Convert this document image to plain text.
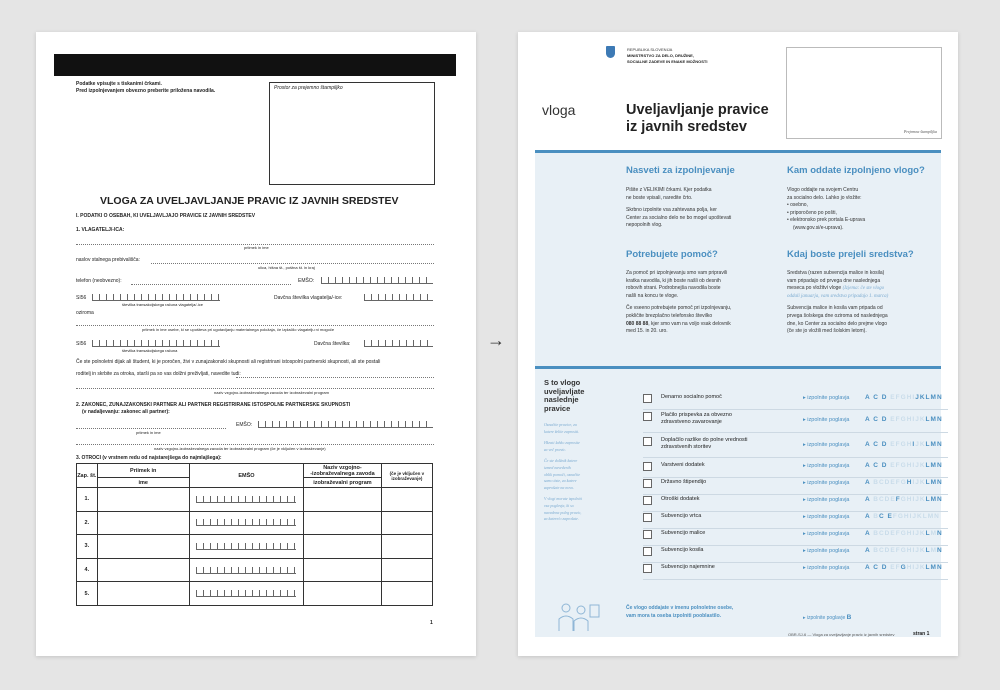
Podatke vpisujte s tiskanimi črkami.
Pred izpolnjevanjem obvezno preberite priložena navodila.	Prostor za prejemno štampiljko
VLOGA ZA UVELJAVLJANJE PRAVIC IZ JAVNIH SREDSTEV
I. PODATKI O OSEBAH, KI UVELJAVLJAJO PRAVICE IZ JAVNIH SREDSTEV
1. VLAGATELJ/-ICA:
priimek in ime
naslov stalnega prebivališča:
ulica, hišna št., poštna št. in kraj
telefon (neobvezno):	EMŠO:
SI56
številka transakcijskega računa vlagatelja/-ice
Davčna številka vlagatelja/-ice:
oziroma
priimek in ime osebe, ki se upošteva pri ugotavljanju materialnega položaja, če izplačilo vlagatelju ni mogoče
SI56
številka transakcijskega računa
Davčna številka:
Če ste polnoletni dijak ali študent, ki je poročen, živi v zunajzakonski skupnosti ali registrirani istospolni partnerski skupnosti, ali ste postali
roditelj in skrbite za otroka, starši pa so vas dolžni preživljati, navedite tudi:
naziv vzgojno-izobraževalnega zavoda ter izobraževalni program
2. ZAKONEC, ZUNAJZAKONSKI PARTNER ALI PARTNER REGISTRIRANE ISTOSPOLNE PARTNERSKE SKUPNOSTI
(v nadaljevanju: zakonec ali partner):
EMŠO:
priimek in ime
naziv vzgojno-izobraževalnega zavoda ter izobraževalni program (če je vključen v izobraževanje)
3. OTROCI (v vrstnem redu od najstarejšega do najmlajšega):
Zap. št.	Priimek in	EMŠO	Naziv vzgojno-
-izobraževalnega zavoda	(če je vključen v izobraževanje)
	ime		izobraževalni program	
1.		

2.		

3.		

4.		

5.		

1
→
REPUBLIKA SLOVENIJA
MINISTRSTVO ZA DELO, DRUŽINE,
SOCIALNE ZADEVE IN ENAKE MOŽNOSTI
vloga	Uveljavljanje pravice
iz javnih sredstev	Prejemna štampiljka
Nasveti za izpolnjevanje
Pišite z VELIKIMI črkami. Kjer podatka
ne boste vpisali, naredite črto.
Skrbno izpolnite vsa zahtevana polja, ker
Center za socialno delo ne bo mogel upoštevati
nepopolnih vlog.
Potrebujete pomoč?
Za pomoč pri izpolnjevanju smo vam pripravili
kratka navodila, ki jih boste našli ob desnih
robovih strani. Podrobnejša navodila boste
našli na koncu te vloge.
Če vseeno potrebujete pomoč pri izpolnjevanju,
pokličite brezplačno telefonsko številko
080 88 88, kjer smo vam na voljo vsak delovnik
med 15. in 20. uro.
Kam oddate izpolnjeno vlogo?
Vlogo oddajte na svojem Centru
za socialno delo. Lahko jo vložite:
• osebno,
• priporočeno po pošti,
• elektronsko prek portala E-uprava
(www.gov.si/e-uprava).
Kdaj boste prejeli sredstva?
Sredstva (razen subvencija malice in kosila)
vam pripadajo od prvega dne naslednjega
meseca po vložitvi vloge (Izjema: če ste vlogo
oddali januarja, vam sredstva pripadajo 1. marca)
Subvencija malice in kosila vam pripada od
prvega šolskega dne oziroma od naslednjega
dne, ko Center za socialno delo prejme vlogo
(če ste jo vložili med šolskim letom).
S to vlogo
uveljavljate
naslednje
pravice
Označite pravice, za
katere želite zaprositi.
Hkrati lahko zaprosite
za več pravic.
Če ste dolžnik katere
izmed navedenih
oblik pomoči, označite
samo tiste, za katere
zaprošate na novo.
V vlogi morate izpolniti
vsa poglavja, ki so
navedena poleg pravic,
za katere/o zaprošate.
Denarno socialno pomoč	▸ izpolnite poglavja A C D EFGHIJKLMN
Plačilo prispevka za obvezno
zdravstveno zavarovanje	▸ izpolnite poglavja A C D EFGHIJKLMN
Doplačilo razlike do polne vrednosti
zdravstvenih storitev	▸ izpolnite poglavja A C D EFGHIJKLMN
Varstveni dodatek	▸ izpolnite poglavja A C D EFGHIJKLMN
Državno štipendijo	▸ izpolnite poglavja A BCDEFGHIJKLMN
Otroški dodatek	▸ izpolnite poglavja A BCDEFGHIJKLMN
Subvencijo vrtca	▸ izpolnite poglavja A BC EFGHIJKLMN
Subvencijo malice	▸ izpolnite poglavja A BCDEFGHIJKLMN
Subvencijo kosila	▸ izpolnite poglavja A BCDEFGHIJKLMN
Subvencijo najemnine	▸ izpolnite poglavja A C D EFGHIJKLMN
Če vlogo oddajate v imenu polnoletne osebe,
vam mora ta oseba izpolniti pooblastilo.	▸ izpolnite poglavje B
OBR-SJ-6 — Vloga za uveljavljanje pravic iz javnih sredstev	stran 1
